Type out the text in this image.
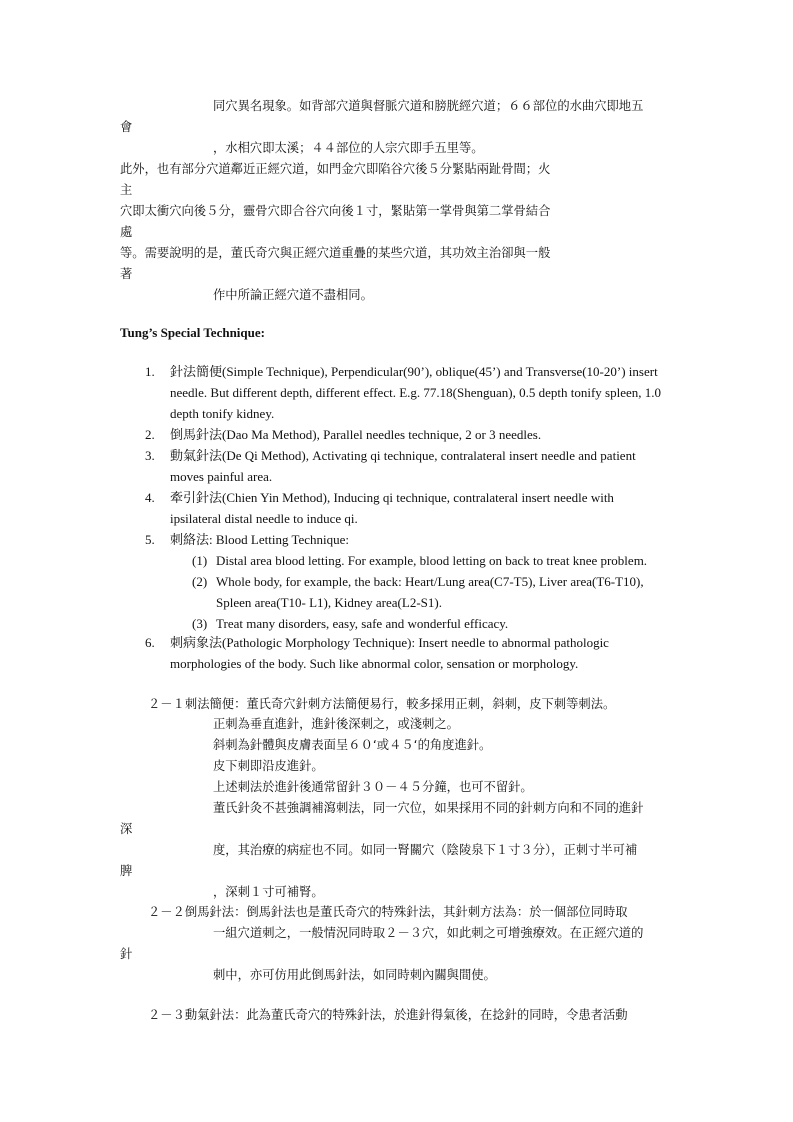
同穴異名現象。如背部穴道與督脈穴道和膀胱經穴道；６６部位的水曲穴即地五
會
，水相穴即太溪；４４部位的人宗穴即手五里等。
此外，也有部分穴道鄰近正經穴道，如門金穴即陷谷穴後５分緊貼兩趾骨間；火
主
穴即太衝穴向後５分，靈骨穴即合谷穴向後１寸，緊貼第一掌骨與第二掌骨結合
處
等。需要說明的是，董氏奇穴與正經穴道重疊的某些穴道，其功效主治卻與一般
著
作中所論正經穴道不盡相同。
Tung’s Special Technique:
1. 針法簡便(Simple Technique), Perpendicular(90’), oblique(45’) and Transverse(10-20’) insert
needle. But different depth, different effect. E.g. 77.18(Shenguan), 0.5 depth tonify spleen, 1.0
depth tonify kidney.
2. 倒馬針法(Dao Ma Method), Parallel needles technique, 2 or 3 needles.
3. 動氣針法(De Qi Method), Activating qi technique, contralateral insert needle and patient
moves painful area.
4. 牽引針法(Chien Yin Method), Inducing qi technique, contralateral insert needle with
ipsilateral distal needle to induce qi.
5. 刺絡法: Blood Letting Technique:
(1) Distal area blood letting. For example, blood letting on back to treat knee problem.
(2) Whole body, for example, the back: Heart/Lung area(C7-T5), Liver area(T6-T10),
Spleen area(T10- L1), Kidney area(L2-S1).
(3) Treat many disorders, easy, safe and wonderful efficacy.
6. 刺病象法(Pathologic Morphology Technique): Insert needle to abnormal pathologic
morphologies of the body. Such like abnormal color, sensation or morphology.
２－１刺法簡便：董氏奇穴針刺方法簡便易行，較多採用正刺，斜刺，皮下刺等刺法。
正刺為垂直進針，進針後深刺之，或淺刺之。
斜刺為針體與皮膚表面呈６０‘或４５‘的角度進針。
皮下刺即沿皮進針。
上述刺法於進針後通常留針３０－４５分鐘，也可不留針。
董氏針灸不甚強調補瀉刺法，同一穴位，如果採用不同的針刺方向和不同的進針
深
度，其治療的病症也不同。如同一腎關穴（陰陵泉下１寸３分），正刺寸半可補
脾
，深刺１寸可補腎。
２－２倒馬針法：倒馬針法也是董氏奇穴的特殊針法，其針刺方法為：於一個部位同時取
一組穴道刺之，一般情況同時取２－３穴，如此刺之可增強療效。在正經穴道的
針
刺中，亦可仿用此倒馬針法，如同時刺內關與間使。
２－３動氣針法：此為董氏奇穴的特殊針法，於進針得氣後，在捻針的同時，令患者活動
